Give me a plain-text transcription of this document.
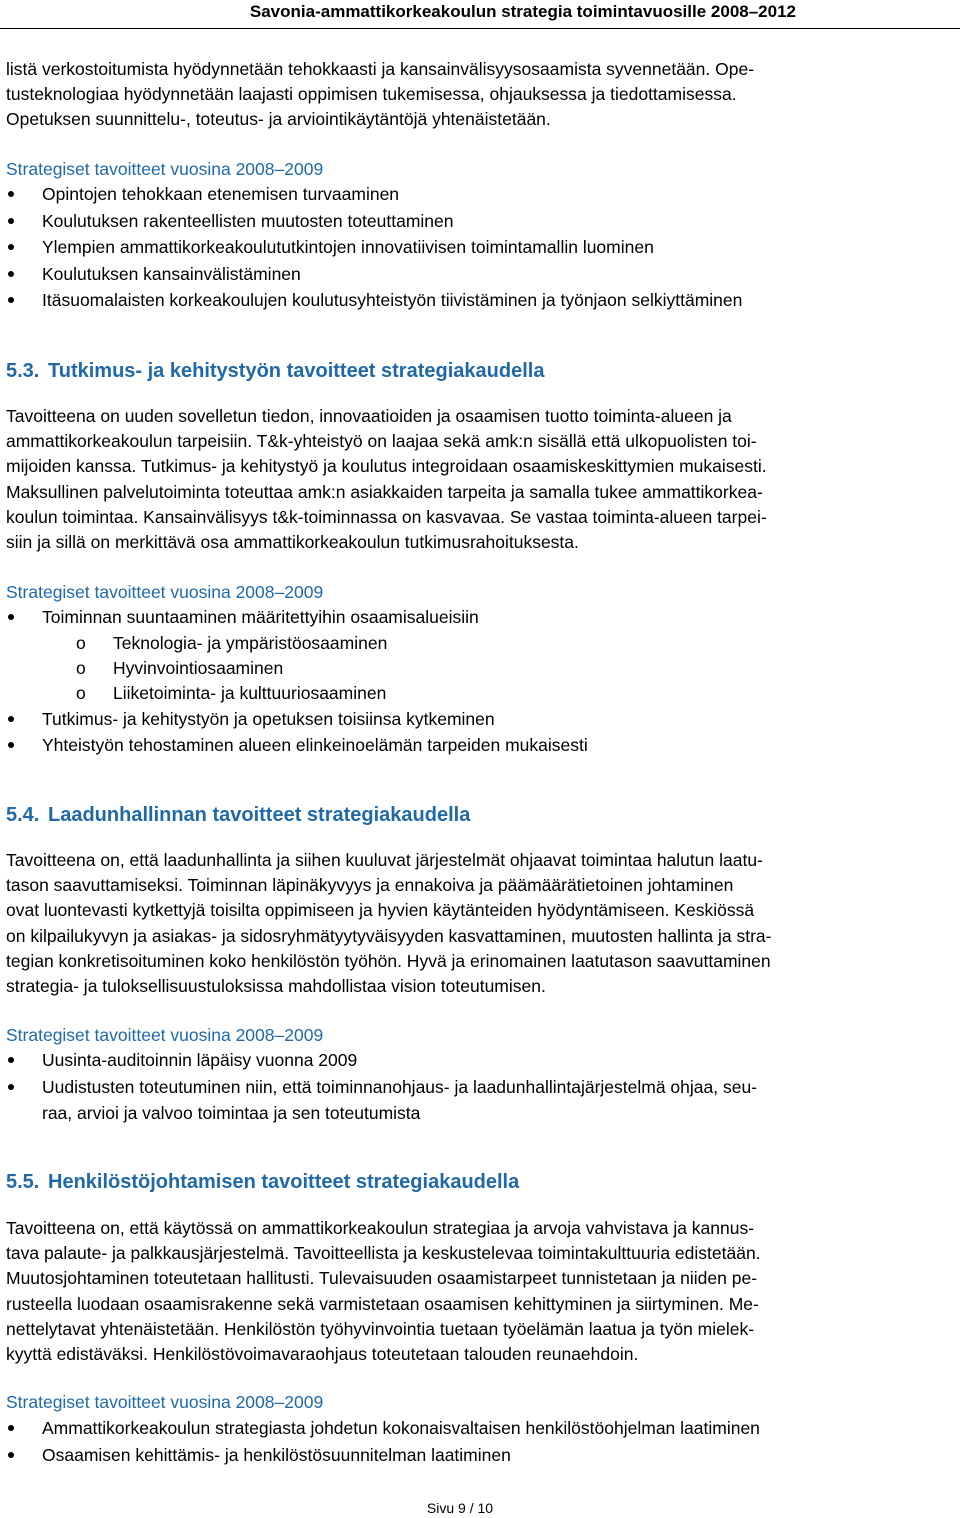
Savonia-ammattikorkeakoulun strategia toimintavuosille 2008–2012
listä verkostoitumista hyödynnetään tehokkaasti ja kansainvälisyysosaamista syvennetään. Ope-
tusteknologiaa hyödynnetään laajasti oppimisen tukemisessa, ohjauksessa ja tiedottamisessa.
Opetuksen suunnittelu-, toteutus- ja arviointikäytäntöjä yhtenäistetään.
Strategiset tavoitteet vuosina 2008–2009
Opintojen tehokkaan etenemisen turvaaminen
Koulutuksen rakenteellisten muutosten toteuttaminen
Ylempien ammattikorkeakoulututkintojen innovatiivisen toimintamallin luominen
Koulutuksen kansainvälistäminen
Itäsuomalaisten korkeakoulujen koulutusyhteistyön tiivistäminen ja työnjaon selkiyttäminen
5.3. Tutkimus- ja kehitystyön tavoitteet strategiakaudella
Tavoitteena on uuden sovelletun tiedon, innovaatioiden ja osaamisen tuotto toiminta-alueen ja
ammattikorkeakoulun tarpeisiin. T&k-yhteistyö on laajaa sekä amk:n sisällä että ulkopuolisten toi-
mijoiden kanssa. Tutkimus- ja kehitystyö ja koulutus integroidaan osaamiskeskittymien mukaisesti.
Maksullinen palvelutoiminta toteuttaa amk:n asiakkaiden tarpeita ja samalla tukee ammattikorkea-
koulun toimintaa. Kansainvälisyys t&k-toiminnassa on kasvavaa. Se vastaa toiminta-alueen tarpei-
siin ja sillä on merkittävä osa ammattikorkeakoulun tutkimusrahoituksesta.
Strategiset tavoitteet vuosina 2008–2009
Toiminnan suuntaaminen määritettyihin osaamisalueisiin
o Teknologia- ja ympäristöosaaminen
o Hyvinvointiosaaminen
o Liiketoiminta- ja kulttuuriosaaminen
Tutkimus- ja kehitystyön ja opetuksen toisiinsa kytkeminen
Yhteistyön tehostaminen alueen elinkeinoelämän tarpeiden mukaisesti
5.4. Laadunhallinnan tavoitteet strategiakaudella
Tavoitteena on, että laadunhallinta ja siihen kuuluvat järjestelmät ohjaavat toimintaa halutun laatu-
tason saavuttamiseksi. Toiminnan läpinäkyvyys ja ennakoiva ja päämäärätietoinen johtaminen
ovat luontevasti kytkettyjä toisilta oppimiseen ja hyvien käytänteiden hyödyntämiseen. Keskiössä
on kilpailukyvyn ja asiakas- ja sidosryhmätyytyväisyyden kasvattaminen, muutosten hallinta ja stra-
tegian konkretisoituminen koko henkilöstön työhön. Hyvä ja erinomainen laatutason saavuttaminen
strategia- ja tuloksellisuustuloksissa mahdollistaa vision toteutumisen.
Strategiset tavoitteet vuosina 2008–2009
Uusinta-auditoinnin läpäisy vuonna 2009
Uudistusten toteutuminen niin, että toiminnanohjaus- ja laadunhallintajärjestelmä ohjaa, seu-
raa, arvioi ja valvoo toimintaa ja sen toteutumista
5.5. Henkilöstöjohtamisen tavoitteet strategiakaudella
Tavoitteena on, että käytössä on ammattikorkeakoulun strategiaa ja arvoja vahvistava ja kannus-
tava palaute- ja palkkausjärjestelmä. Tavoitteellista ja keskustelevaa toimintakulttuuria edistetään.
Muutosjohtaminen toteutetaan hallitusti. Tulevaisuuden osaamistarpeet tunnistetaan ja niiden pe-
rusteella luodaan osaamisrakenne sekä varmistetaan osaamisen kehittyminen ja siirtyminen. Me-
nettelytavat yhtenäistetään. Henkilöstön työhyvinvointia tuetaan työelämän laatua ja työn mielek-
kyyttä edistäväksi. Henkilöstövoimavaraohjaus toteutetaan talouden reunaehdoin.
Strategiset tavoitteet vuosina 2008–2009
Ammattikorkeakoulun strategiasta johdetun kokonaisvaltaisen henkilöstöohjelman laatiminen
Osaamisen kehittämis- ja henkilöstösuunnitelman laatiminen
Sivu 9 / 10
